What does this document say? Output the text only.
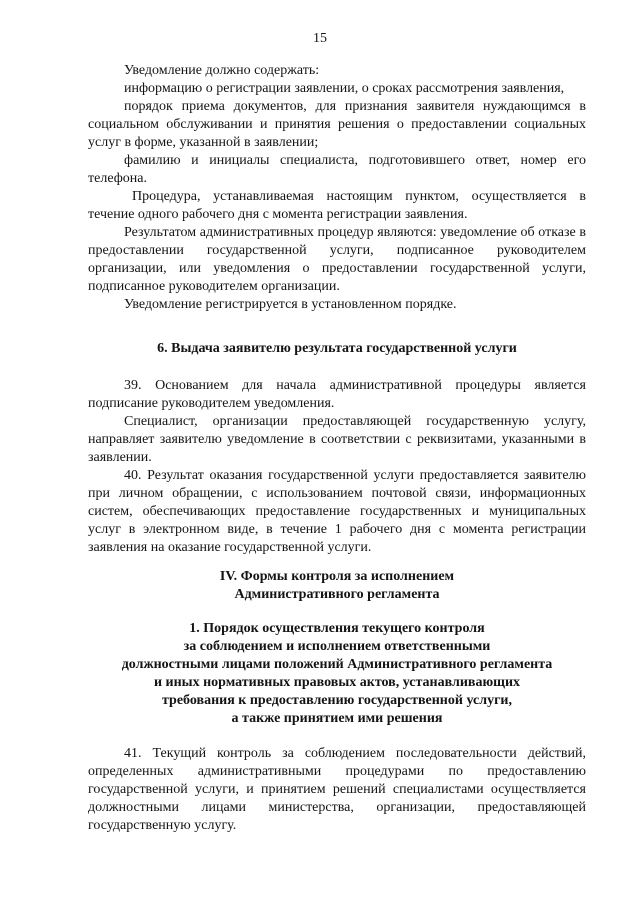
15

Уведомление должно содержать:

информацию о регистрации заявлении, о сроках рассмотрения заявления,

порядок приема документов, для признания заявителя нуждающимся в социальном обслуживании и принятия решения о предоставлении социальных услуг в форме, указанной в заявлении;

фамилию и инициалы специалиста, подготовившего ответ, номер его телефона.

Процедура, устанавливаемая настоящим пунктом, осуществляется в течение одного рабочего дня с момента регистрации заявления.

Результатом административных процедур являются: уведомление об отказе в предоставлении государственной услуги, подписанное руководителем организации, или уведомления о предоставлении государственной услуги, подписанное руководителем организации.

Уведомление регистрируется в установленном порядке.

6. Выдача заявителю результата государственной услуги

39. Основанием для начала административной процедуры является подписание руководителем уведомления.

Специалист, организации предоставляющей государственную услугу, направляет заявителю уведомление в соответствии с реквизитами, указанными в заявлении.

40. Результат оказания государственной услуги предоставляется заявителю при личном обращении, с использованием почтовой связи, информационных систем, обеспечивающих предоставление государственных и муниципальных услуг в электронном виде, в течение 1 рабочего дня с момента регистрации заявления на оказание государственной услуги.

IV. Формы контроля за исполнением

Административного регламента

1. Порядок осуществления текущего контроля

за соблюдением и исполнением ответственными

должностными лицами положений Административного регламента

и иных нормативных правовых актов, устанавливающих

требования к предоставлению государственной услуги,

а также принятием ими решения

41. Текущий контроль за соблюдением последовательности действий, определенных административными процедурами по предоставлению государственной услуги, и принятием решений специалистами осуществляется должностными лицами министерства, организации, предоставляющей государственную услугу.
